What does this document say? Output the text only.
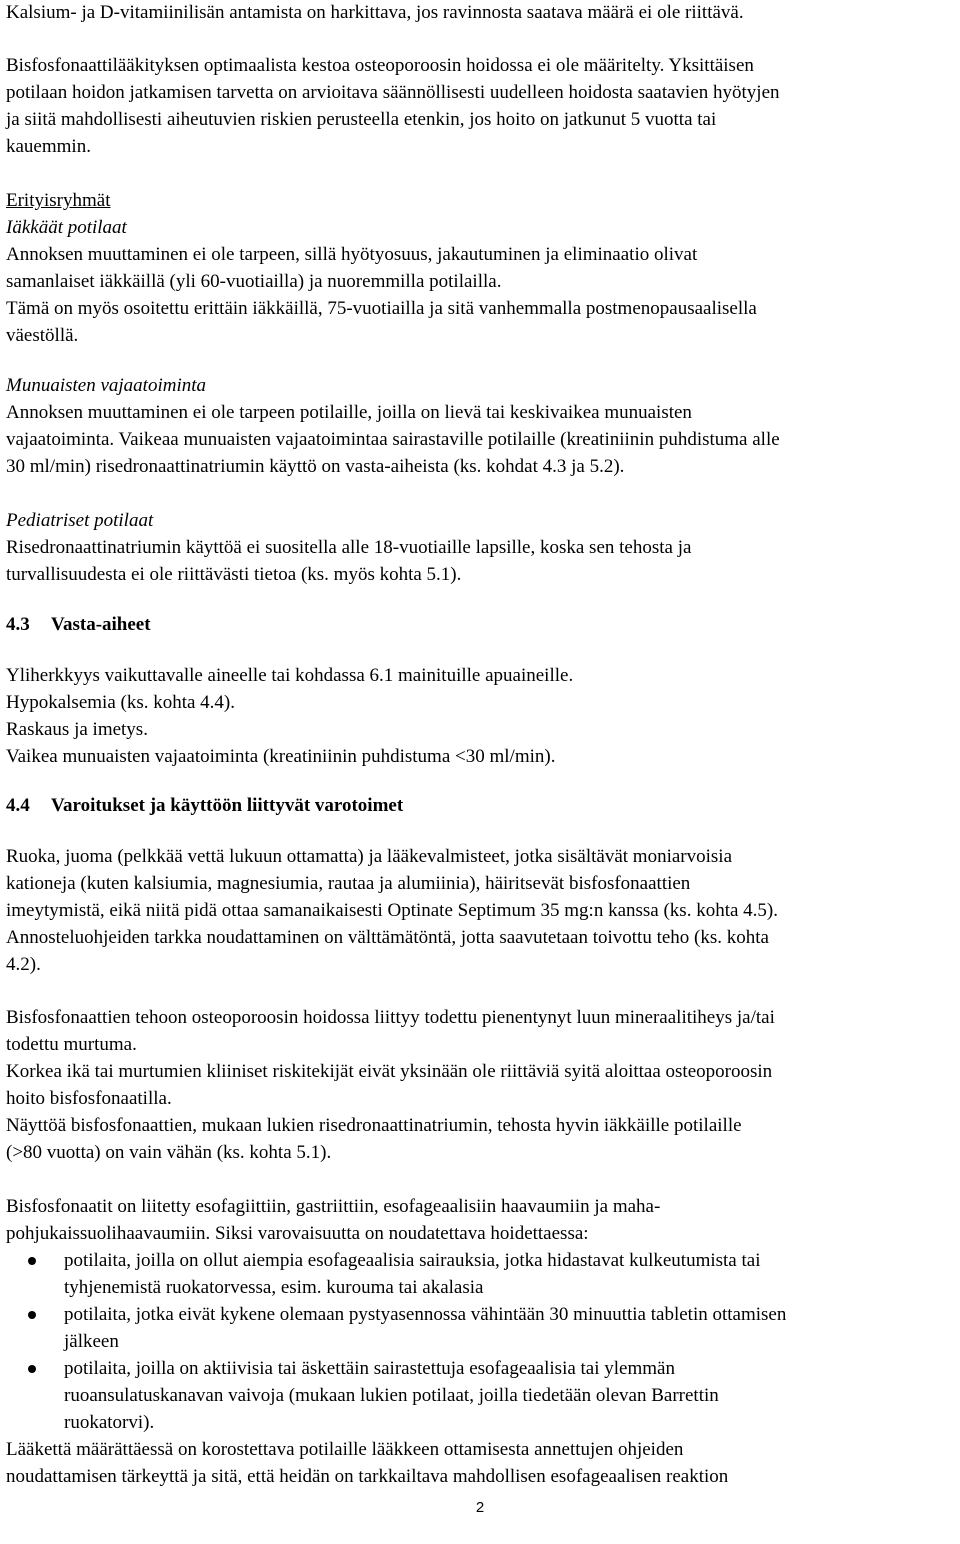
Kalsium- ja D-vitamiinilisän antamista on harkittava, jos ravinnosta saatava määrä ei ole riittävä.

Bisfosfonaattilääkityksen optimaalista kestoa osteoporoosin hoidossa ei ole määritelty. Yksittäisen
potilaan hoidon jatkamisen tarvetta on arvioitava säännöllisesti uudelleen hoidosta saatavien hyötyjen
ja siitä mahdollisesti aiheutuvien riskien perusteella etenkin, jos hoito on jatkunut 5 vuotta tai
kauemmin.

Erityisryhmät
Iäkkäät potilaat
Annoksen muuttaminen ei ole tarpeen, sillä hyötyosuus, jakautuminen ja eliminaatio olivat
samanlaiset iäkkäillä (yli 60-vuotiailla) ja nuoremmilla potilailla.
Tämä on myös osoitettu erittäin iäkkäillä, 75-vuotiailla ja sitä vanhemmalla postmenopausaalisella
väestöllä.

Munuaisten vajaatoiminta
Annoksen muuttaminen ei ole tarpeen potilaille, joilla on lievä tai keskivaikea munuaisten
vajaatoiminta. Vaikeaa munuaisten vajaatoimintaa sairastaville potilaille (kreatiniinin puhdistuma alle
30 ml/min) risedronaattinatriumin käyttö on vasta-aiheista (ks. kohdat 4.3 ja 5.2).

Pediatriset potilaat
Risedronaattinatriumin käyttöä ei suositella alle 18-vuotiaille lapsille, koska sen tehosta ja
turvallisuudesta ei ole riittävästi tietoa (ks. myös kohta 5.1).

4.3 Vasta-aiheet

Yliherkkyys vaikuttavalle aineelle tai kohdassa 6.1 mainituille apuaineille.
Hypokalsemia (ks. kohta 4.4).
Raskaus ja imetys.
Vaikea munuaisten vajaatoiminta (kreatiniinin puhdistuma <30 ml/min).

4.4 Varoitukset ja käyttöön liittyvät varotoimet

Ruoka, juoma (pelkkää vettä lukuun ottamatta) ja lääkevalmisteet, jotka sisältävät moniarvoisia
kationeja (kuten kalsiumia, magnesiumia, rautaa ja alumiinia), häiritsevät bisfosfonaattien
imeytymistä, eikä niitä pidä ottaa samanaikaisesti Optinate Septimum 35 mg:n kanssa (ks. kohta 4.5).
Annosteluohjeiden tarkka noudattaminen on välttämätöntä, jotta saavutetaan toivottu teho (ks. kohta
4.2).

Bisfosfonaattien tehoon osteoporoosin hoidossa liittyy todettu pienentynyt luun mineraalitiheys ja/tai
todettu murtuma.
Korkea ikä tai murtumien kliiniset riskitekijät eivät yksinään ole riittäviä syitä aloittaa osteoporoosin
hoito bisfosfonaatilla.
Näyttöä bisfosfonaattien, mukaan lukien risedronaattinatriumin, tehosta hyvin iäkkäille potilaille
(>80 vuotta) on vain vähän (ks. kohta 5.1).

Bisfosfonaatit on liitetty esofagiittiin, gastriittiin, esofageaalisiin haavaumiin ja maha-
pohjukaissuolihaavaumiin. Siksi varovaisuutta on noudatettava hoidettaessa:

potilaita, joilla on ollut aiempia esofageaalisia sairauksia, jotka hidastavat kulkeutumista tai
tyhjenemistä ruokatorvessa, esim. kurouma tai akalasia
potilaita, jotka eivät kykene olemaan pystyasennossa vähintään 30 minuuttia tabletin ottamisen
jälkeen
potilaita, joilla on aktiivisia tai äskettäin sairastettuja esofageaalisia tai ylemmän
ruoansulatuskanavan vaivoja (mukaan lukien potilaat, joilla tiedetään olevan Barrettin
ruokatorvi).

Lääkettä määrättäessä on korostettava potilaille lääkkeen ottamisesta annettujen ohjeiden
noudattamisen tärkeyttä ja sitä, että heidän on tarkkailtava mahdollisen esofageaalisen reaktion

2
